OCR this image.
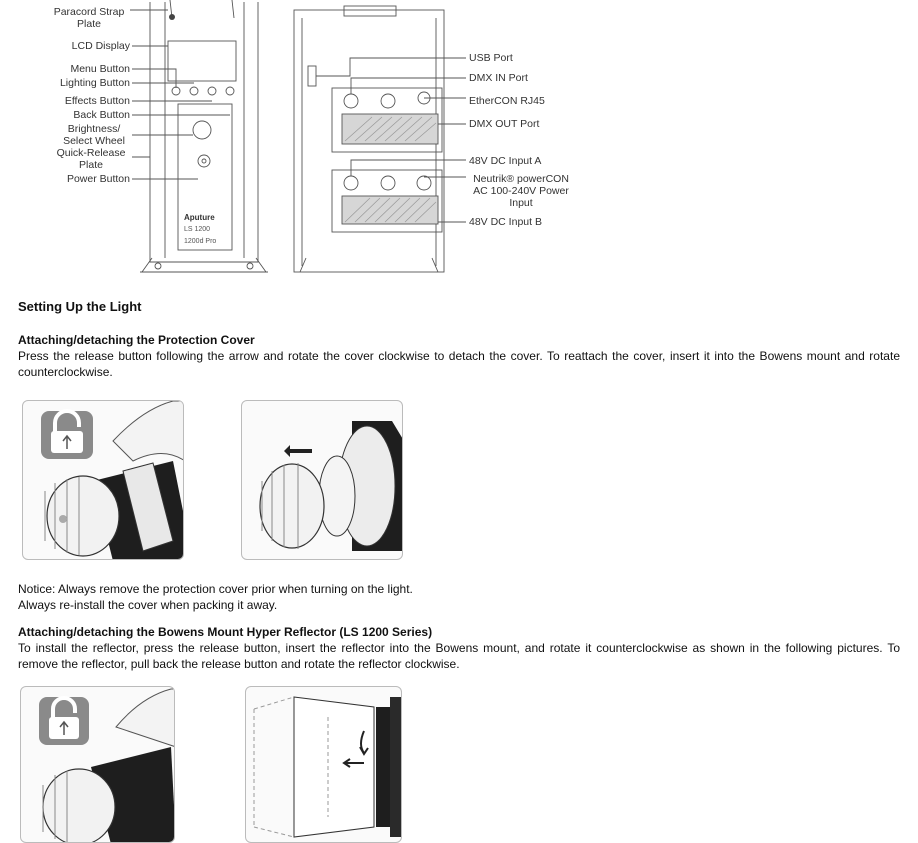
Paracord Strap Plate
LCD Display
Menu Button
Lighting Button
Effects Button
Back Button
Brightness/ Select Wheel
Quick-Release Plate
Power Button
Aputure
LS 1200
1200d Pro
USB Port
DMX IN Port
EtherCON RJ45
DMX OUT Port
48V DC Input A
Neutrik® powerCON AC 100-240V Power Input
48V DC Input B
Setting Up the Light
Attaching/detaching the Protection Cover
Press the release button following the arrow and rotate the cover clockwise to detach the cover. To reattach the cover, insert it into the Bowens mount and rotate counterclockwise.
Notice: Always remove the protection cover prior when turning on the light.
Always re-install the cover when packing it away.
Attaching/detaching the Bowens Mount Hyper Reflector (LS 1200 Series)
To install the reflector, press the release button, insert the reflector into the Bowens mount, and rotate it counterclockwise as shown in the following pictures. To remove the reflector, pull back the release button and rotate the reflector clockwise.
